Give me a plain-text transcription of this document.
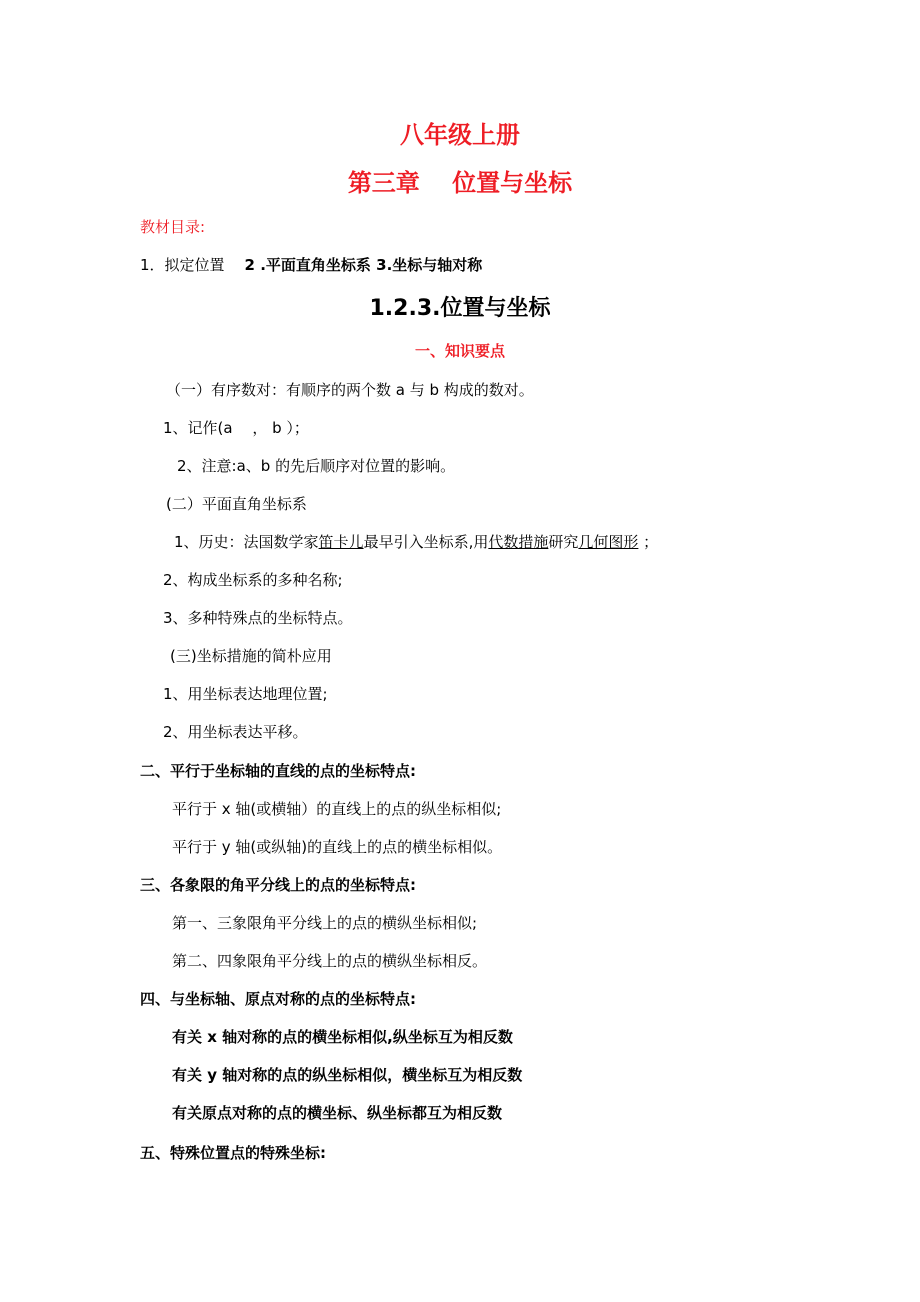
八年级上册
第三章　 位置与坐标
教材目录:
1．拟定位置 2 .平面直角坐标系 3.坐标与轴对称
1.2.3.位置与坐标
一、知识要点
（一）有序数对：有顺序的两个数 a 与 b 构成的数对。
1、记作(a　 ， b ）；
2、注意:a、b 的先后顺序对位置的影响。
(二）平面直角坐标系
1、历史：法国数学家笛卡儿最早引入坐标系,用代数措施研究几何图形 ；
2、构成坐标系的多种名称;
3、多种特殊点的坐标特点。
(三)坐标措施的简朴应用
1、用坐标表达地理位置;
2、用坐标表达平移。
二、平行于坐标轴的直线的点的坐标特点:
平行于 x 轴(或横轴）的直线上的点的纵坐标相似;
平行于 y 轴(或纵轴)的直线上的点的横坐标相似。
三、各象限的角平分线上的点的坐标特点:
第一、三象限角平分线上的点的横纵坐标相似;
第二、四象限角平分线上的点的横纵坐标相反。
四、与坐标轴、原点对称的点的坐标特点:
有关 x 轴对称的点的横坐标相似,纵坐标互为相反数
有关 y 轴对称的点的纵坐标相似，横坐标互为相反数
有关原点对称的点的横坐标、纵坐标都互为相反数
五、特殊位置点的特殊坐标:
